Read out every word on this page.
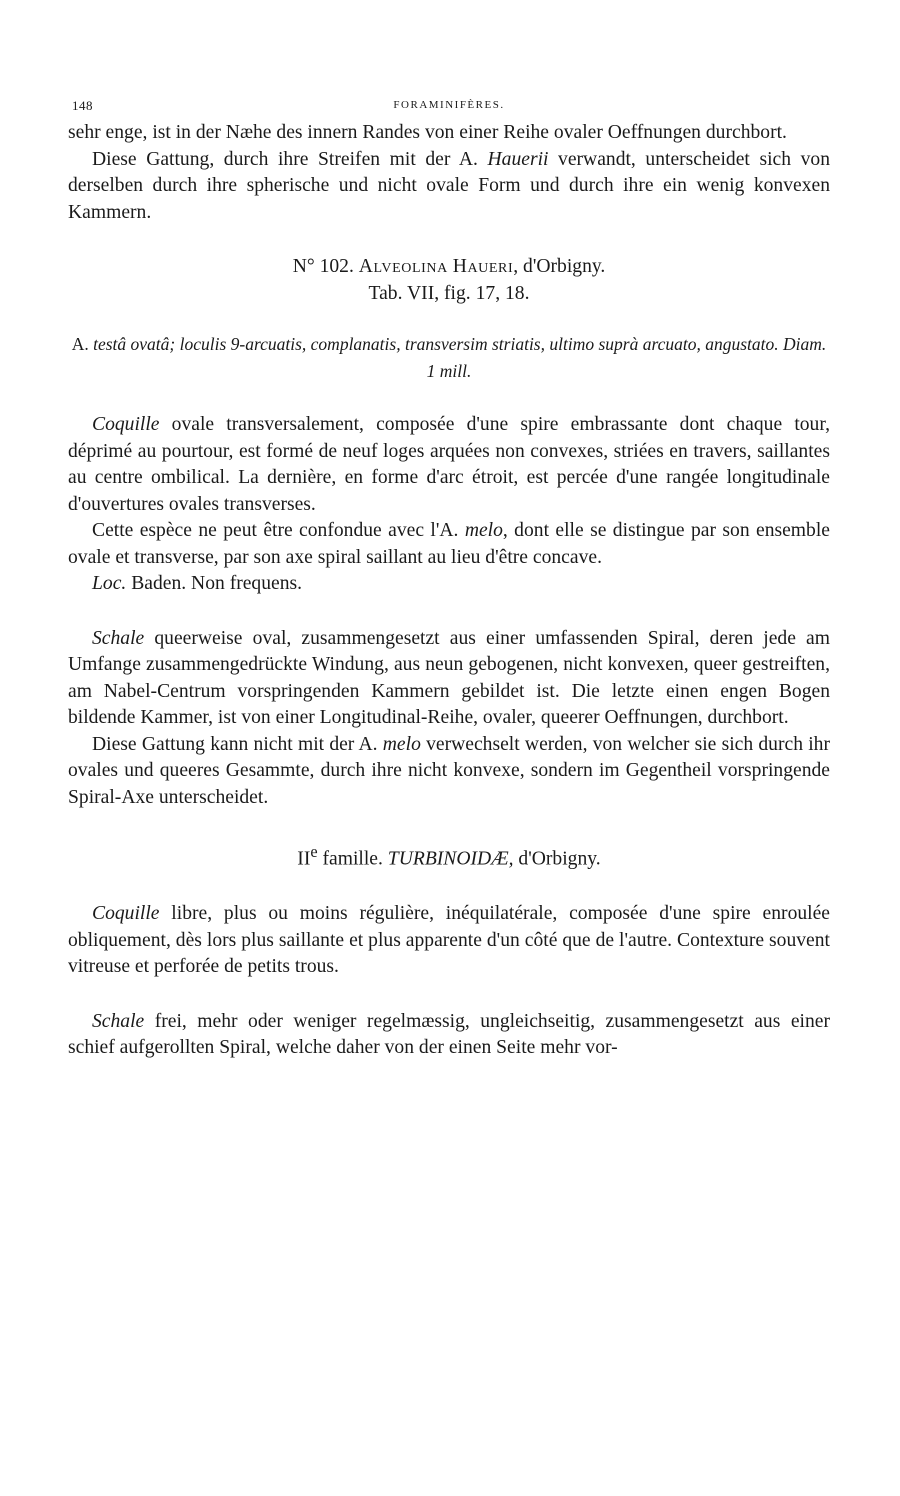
148	FORAMINIFÈRES.

sehr enge, ist in der Næhe des innern Randes von einer Reihe ovaler Oeffnungen durchbort.

Diese Gattung, durch ihre Streifen mit der A. Hauerii verwandt, unterscheidet sich von derselben durch ihre spherische und nicht ovale Form und durch ihre ein wenig konvexen Kammern.

N° 102. Alveolina Haueri, d'Orbigny.

Tab. VII, fig. 17, 18.

A. testâ ovatâ; loculis 9-arcuatis, complanatis, transversim striatis, ultimo suprà arcuato, angustato. Diam. 1 mill.

Coquille ovale transversalement, composée d'une spire embrassante dont chaque tour, déprimé au pourtour, est formé de neuf loges arquées non convexes, striées en travers, saillantes au centre ombilical. La dernière, en forme d'arc étroit, est percée d'une rangée longitudinale d'ouvertures ovales transverses.

Cette espèce ne peut être confondue avec l'A. melo, dont elle se distingue par son ensemble ovale et transverse, par son axe spiral saillant au lieu d'être concave.

Loc. Baden. Non frequens.

Schale queerweise oval, zusammengesetzt aus einer umfassenden Spiral, deren jede am Umfange zusammengedrückte Windung, aus neun gebogenen, nicht konvexen, queer gestreiften, am Nabel-Centrum vorspringenden Kammern gebildet ist. Die letzte einen engen Bogen bildende Kammer, ist von einer Longitudinal-Reihe, ovaler, queerer Oeffnungen, durchbort.

Diese Gattung kann nicht mit der A. melo verwechselt werden, von welcher sie sich durch ihr ovales und queeres Gesammte, durch ihre nicht konvexe, sondern im Gegentheil vorspringende Spiral-Axe unterscheidet.

IIe famille. TURBINOIDÆ, d'Orbigny.

Coquille libre, plus ou moins régulière, inéquilatérale, composée d'une spire enroulée obliquement, dès lors plus saillante et plus apparente d'un côté que de l'autre. Contexture souvent vitreuse et perforée de petits trous.

Schale frei, mehr oder weniger regelmæssig, ungleichseitig, zusammengesetzt aus einer schief aufgerollten Spiral, welche daher von der einen Seite mehr vor-
